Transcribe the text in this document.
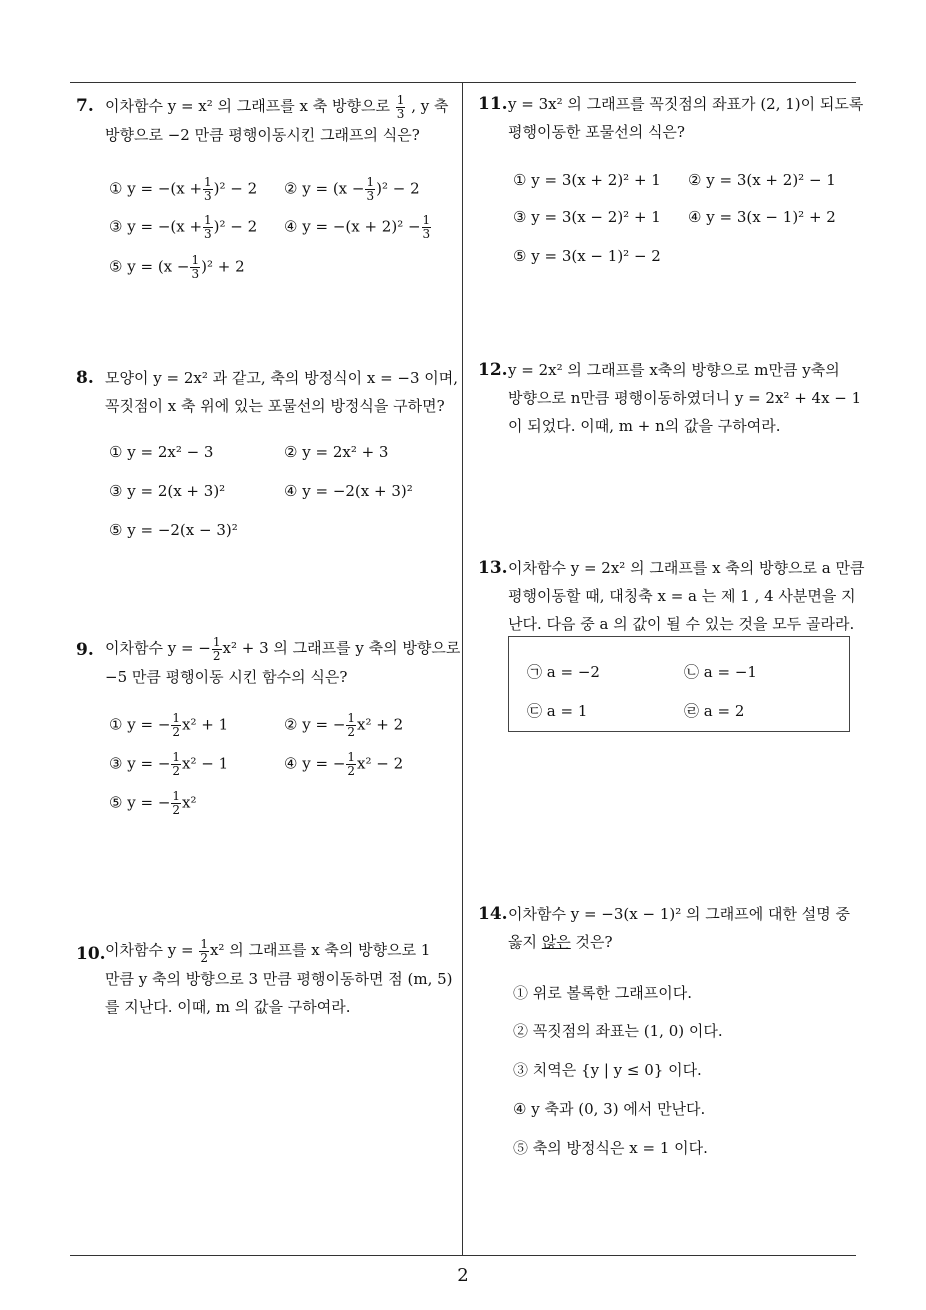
7. 이차함수 y = x² 의 그래프를 x 축 방향으로 $\frac{1}{3}$ , y 축
방향으로 −2 만큼 평행이동시킨 그래프의 식은?
① $y = -(x + \frac{1}{3} )^2 - 2$ ② $y = (x - \frac{1}{3} )^2 - 2$
③ $y = -(x + \frac{1}{3} )^2 - 2$ ④ $y = -(x + 2)^2 - \frac{1}{3}$
⑤ $y = (x - \frac{1}{3} )^2 + 2$
8. 모양이 y = 2x² 과 같고, 축의 방정식이 x = −3 이며,
꼭짓점이 x 축 위에 있는 포물선의 방정식을 구하면?
① y = 2x² − 3	② y = 2x² + 3
③ y = 2(x + 3)²	④ y = −2(x + 3)²
⑤ y = −2(x − 3)²
9. 이차함수 y = − $\frac{1}{2} x^2 + 3$ 의 그래프를 y 축의 방향으로
−5 만큼 평행이동 시킨 함수의 식은?
① y = − $\frac{1}{2} x^2 + 1$	② y = − $\frac{1}{2} x^2 + 2$
③ y = − $\frac{1}{2} x^2 - 1$	④ y = − $\frac{1}{2} x^2 - 2$
⑤ y = − $\frac{1}{2} x^2$
10. 이차함수 $y = \frac{1}{2} x^2$ 의 그래프를 x 축의 방향으로 1
만큼 y 축의 방향으로 3 만큼 평행이동하면 점 (m, 5)
를 지난다. 이때, m 의 값을 구하여라.
11. y = 3x² 의 그래프를 꼭짓점의 좌표가 (2, 1)이 되도록
평행이동한 포물선의 식은?
① y = 3(x + 2)² + 1 ② y = 3(x + 2)² − 1
③ y = 3(x − 2)² + 1 ④ y = 3(x − 1)² + 2
⑤ y = 3(x − 1)² − 2
12. y = 2x² 의 그래프를 x축의 방향으로 m만큼 y축의
방향으로 n만큼 평행이동하였더니 y = 2x² + 4x − 1
이 되었다. 이때, m + n의 값을 구하여라.
13. 이차함수 y = 2x² 의 그래프를 x 축의 방향으로 a 만큼
평행이동할 때, 대칭축 x = a 는 제 1 , 4 사분면을 지
난다. 다음 중 a 의 값이 될 수 있는 것을 모두 골라라.
㉠ a = −2	㉡ a = −1
㉢ a = 1	㉣ a = 2
14. 이차함수 y = −3(x − 1)² 의 그래프에 대한 설명 중
옳지 않은 것은?
① 위로 볼록한 그래프이다.
② 꼭짓점의 좌표는 (1, 0) 이다.
③ 치역은 {y | y ≤ 0} 이다.
④ y 축과 (0, 3) 에서 만난다.
⑤ 축의 방정식은 x = 1 이다.
2
